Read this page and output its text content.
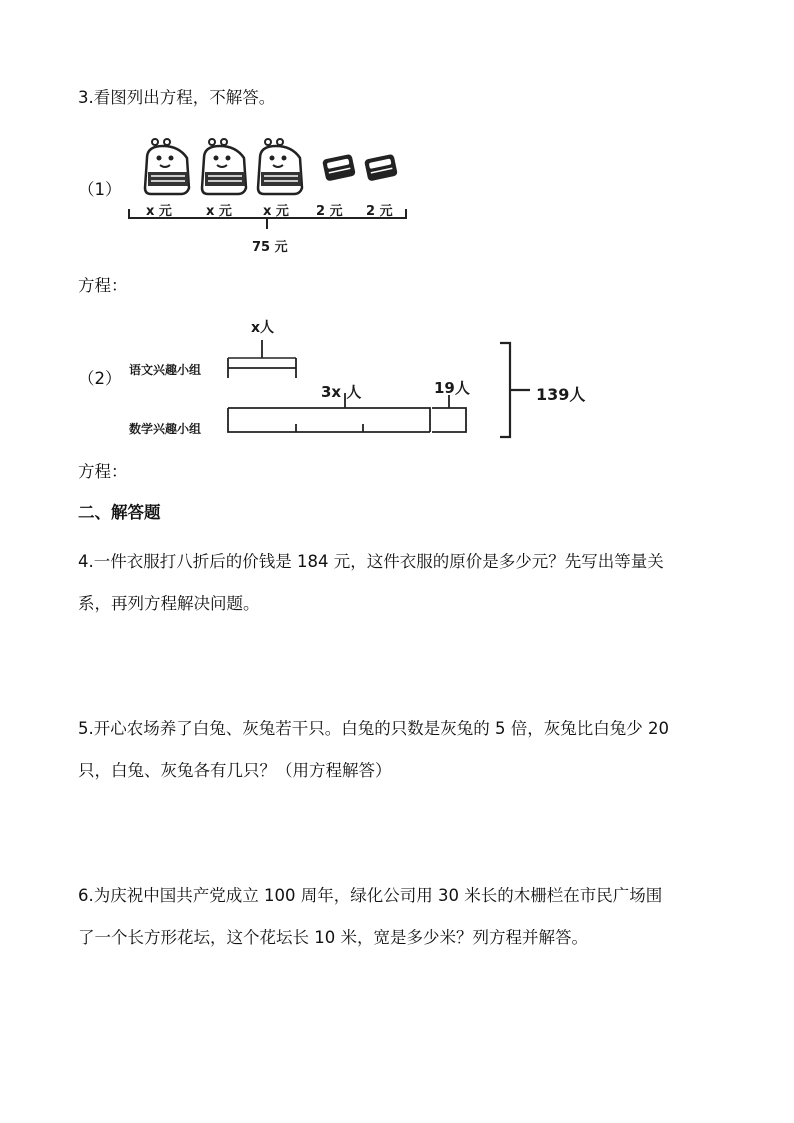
3.看图列出方程，不解答。
（1）
x 元	x 元 x 元 2 元 2 元
75 元
方程：
（2） 语文兴趣小组
x人
数学兴趣小组
3x 人	19人	139人
方程：
二、解答题
4.一件衣服打八折后的价钱是 184 元，这件衣服的原价是多少元？先写出等量关
系，再列方程解决问题。
5.开心农场养了白兔、灰兔若干只。白兔的只数是灰兔的 5 倍，灰兔比白兔少 20
只，白兔、灰兔各有几只？（用方程解答）
6.为庆祝中国共产党成立 100 周年，绿化公司用 30 米长的木栅栏在市民广场围
了一个长方形花坛，这个花坛长 10 米，宽是多少米？列方程并解答。
